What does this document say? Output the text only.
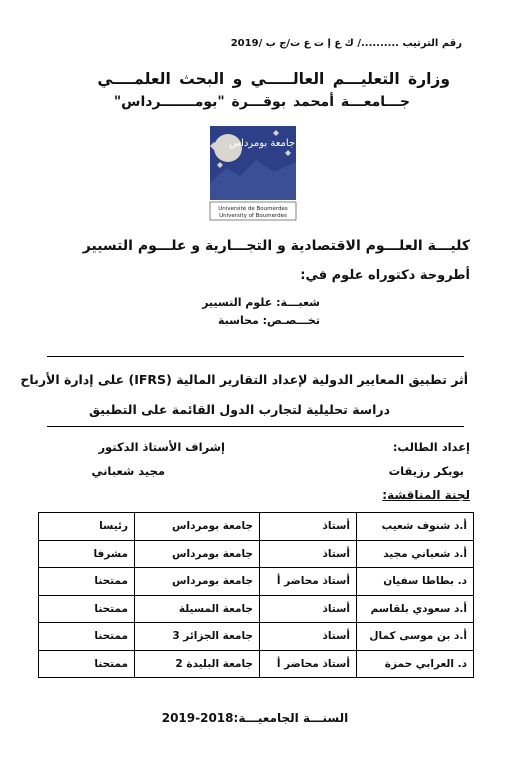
رقم الترتيب ........../ ك ع إ ت ع ت/ج ب /2019
وزارة التعليـــم العالـــــي و البحث العلمــــي
جـــامعـــة أمحمد بوقـــرة "بومـــــــرداس"
جامعة بومرداس
Université de Boumerdes
University of Boumerdes
كليـــة العلـــوم الاقتصادية و التجـــارية و علـــوم التسيير
أطروحة دكتوراه علوم في:
شعبـــة: علوم التسيير
تخـــصـص: محاسبة
أثر تطبيق المعايير الدولية لإعداد التقارير المالية (IFRS) على إدارة الأرباح
دراسة تحليلية لتجارب الدول القائمة على التطبيق
إعداد الطالب:
إشراف الأستاذ الدكتور
بوبكر رزيقات
مجيد شعباني
لجنة المناقشة:
أ.د شنوف شعيب	أستاذ	جامعة بومرداس	رئيسا
أ.د شعباني مجيد	أستاذ	جامعة بومرداس	مشرفا
د. بطاطا سفيان	أستاذ محاضر أ	جامعة بومرداس	ممتحنا
أ.د سعودي بلقاسم	أستاذ	جامعة المسيلة	ممتحنا
أ.د بن موسى كمال	أستاذ	جامعة الجزائر 3	ممتحنا
د. العرابي حمزة	أستاذ محاضر أ	جامعة البليدة 2	ممتحنا
السنـــة الجامعيـــة:2018-2019
